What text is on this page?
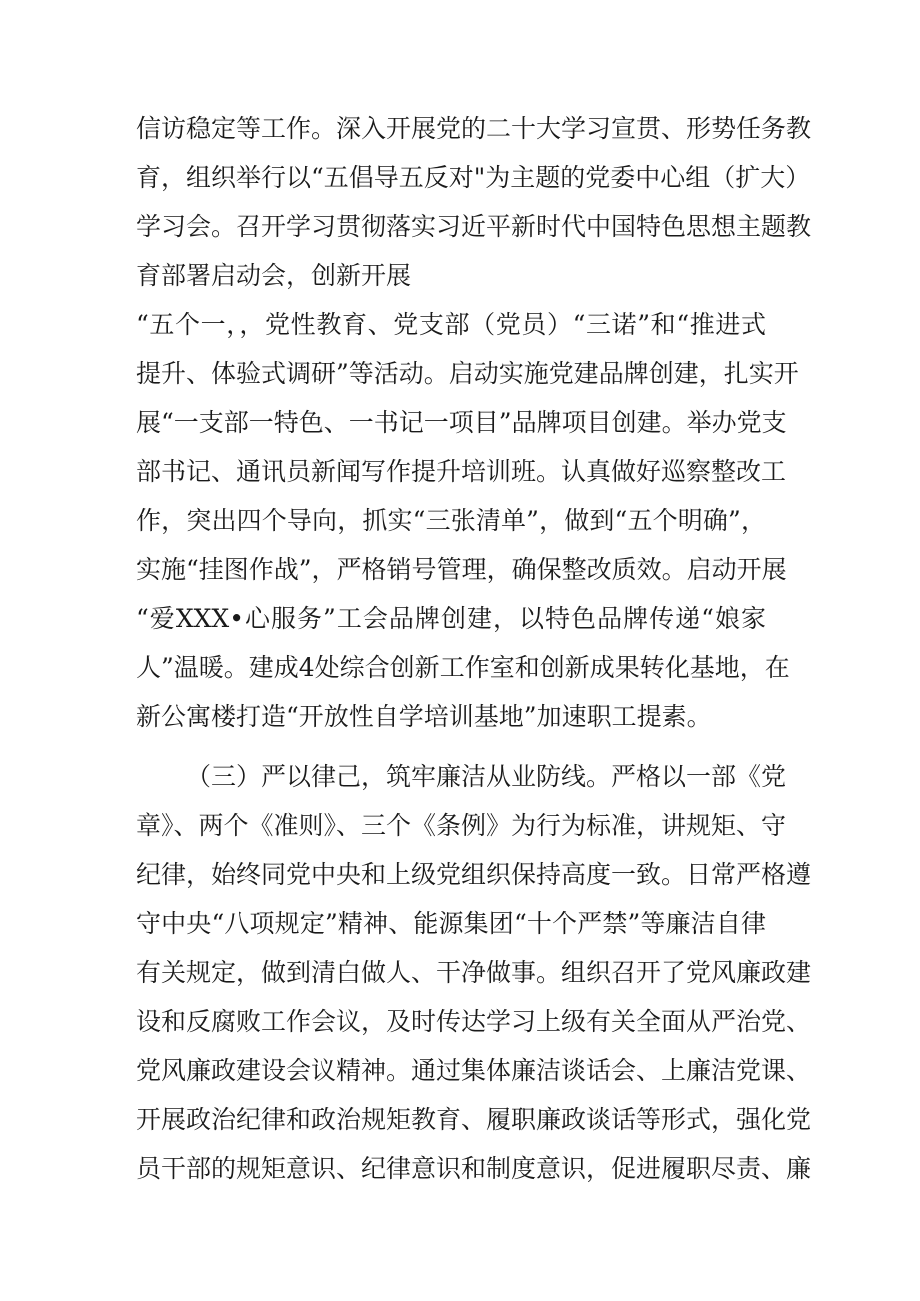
信访稳定等工作。深入开展党的二十大学习宣贯、形势任务教
育，组织举行以“五倡导五反对"为主题的党委中心组（扩大）
学习会。召开学习贯彻落实习近平新时代中国特色思想主题教
育部署启动会，创新开展
“五个一，，党性教育、党支部（党员）“三诺”和“推进式
提升、体验式调研”等活动。启动实施党建品牌创建，扎实开
展“一支部一特色、一书记一项目”品牌项目创建。举办党支
部书记、通讯员新闻写作提升培训班。认真做好巡察整改工
作，突出四个导向，抓实“三张清单”，做到“五个明确”，
实施“挂图作战”，严格销号管理，确保整改质效。启动开展
“爱XXX•心服务”工会品牌创建，以特色品牌传递“娘家
人”温暖。建成4处综合创新工作室和创新成果转化基地，在
新公寓楼打造“开放性自学培训基地”加速职工提素。
（三）严以律己，筑牢廉洁从业防线。严格以一部《党
章》、两个《准则》、三个《条例》为行为标准，讲规矩、守
纪律，始终同党中央和上级党组织保持高度一致。日常严格遵
守中央“八项规定”精神、能源集团“十个严禁”等廉洁自律
有关规定，做到清白做人、干净做事。组织召开了党风廉政建
设和反腐败工作会议，及时传达学习上级有关全面从严治党、
党风廉政建设会议精神。通过集体廉洁谈话会、上廉洁党课、
开展政治纪律和政治规矩教育、履职廉政谈话等形式，强化党
员干部的规矩意识、纪律意识和制度意识，促进履职尽责、廉
